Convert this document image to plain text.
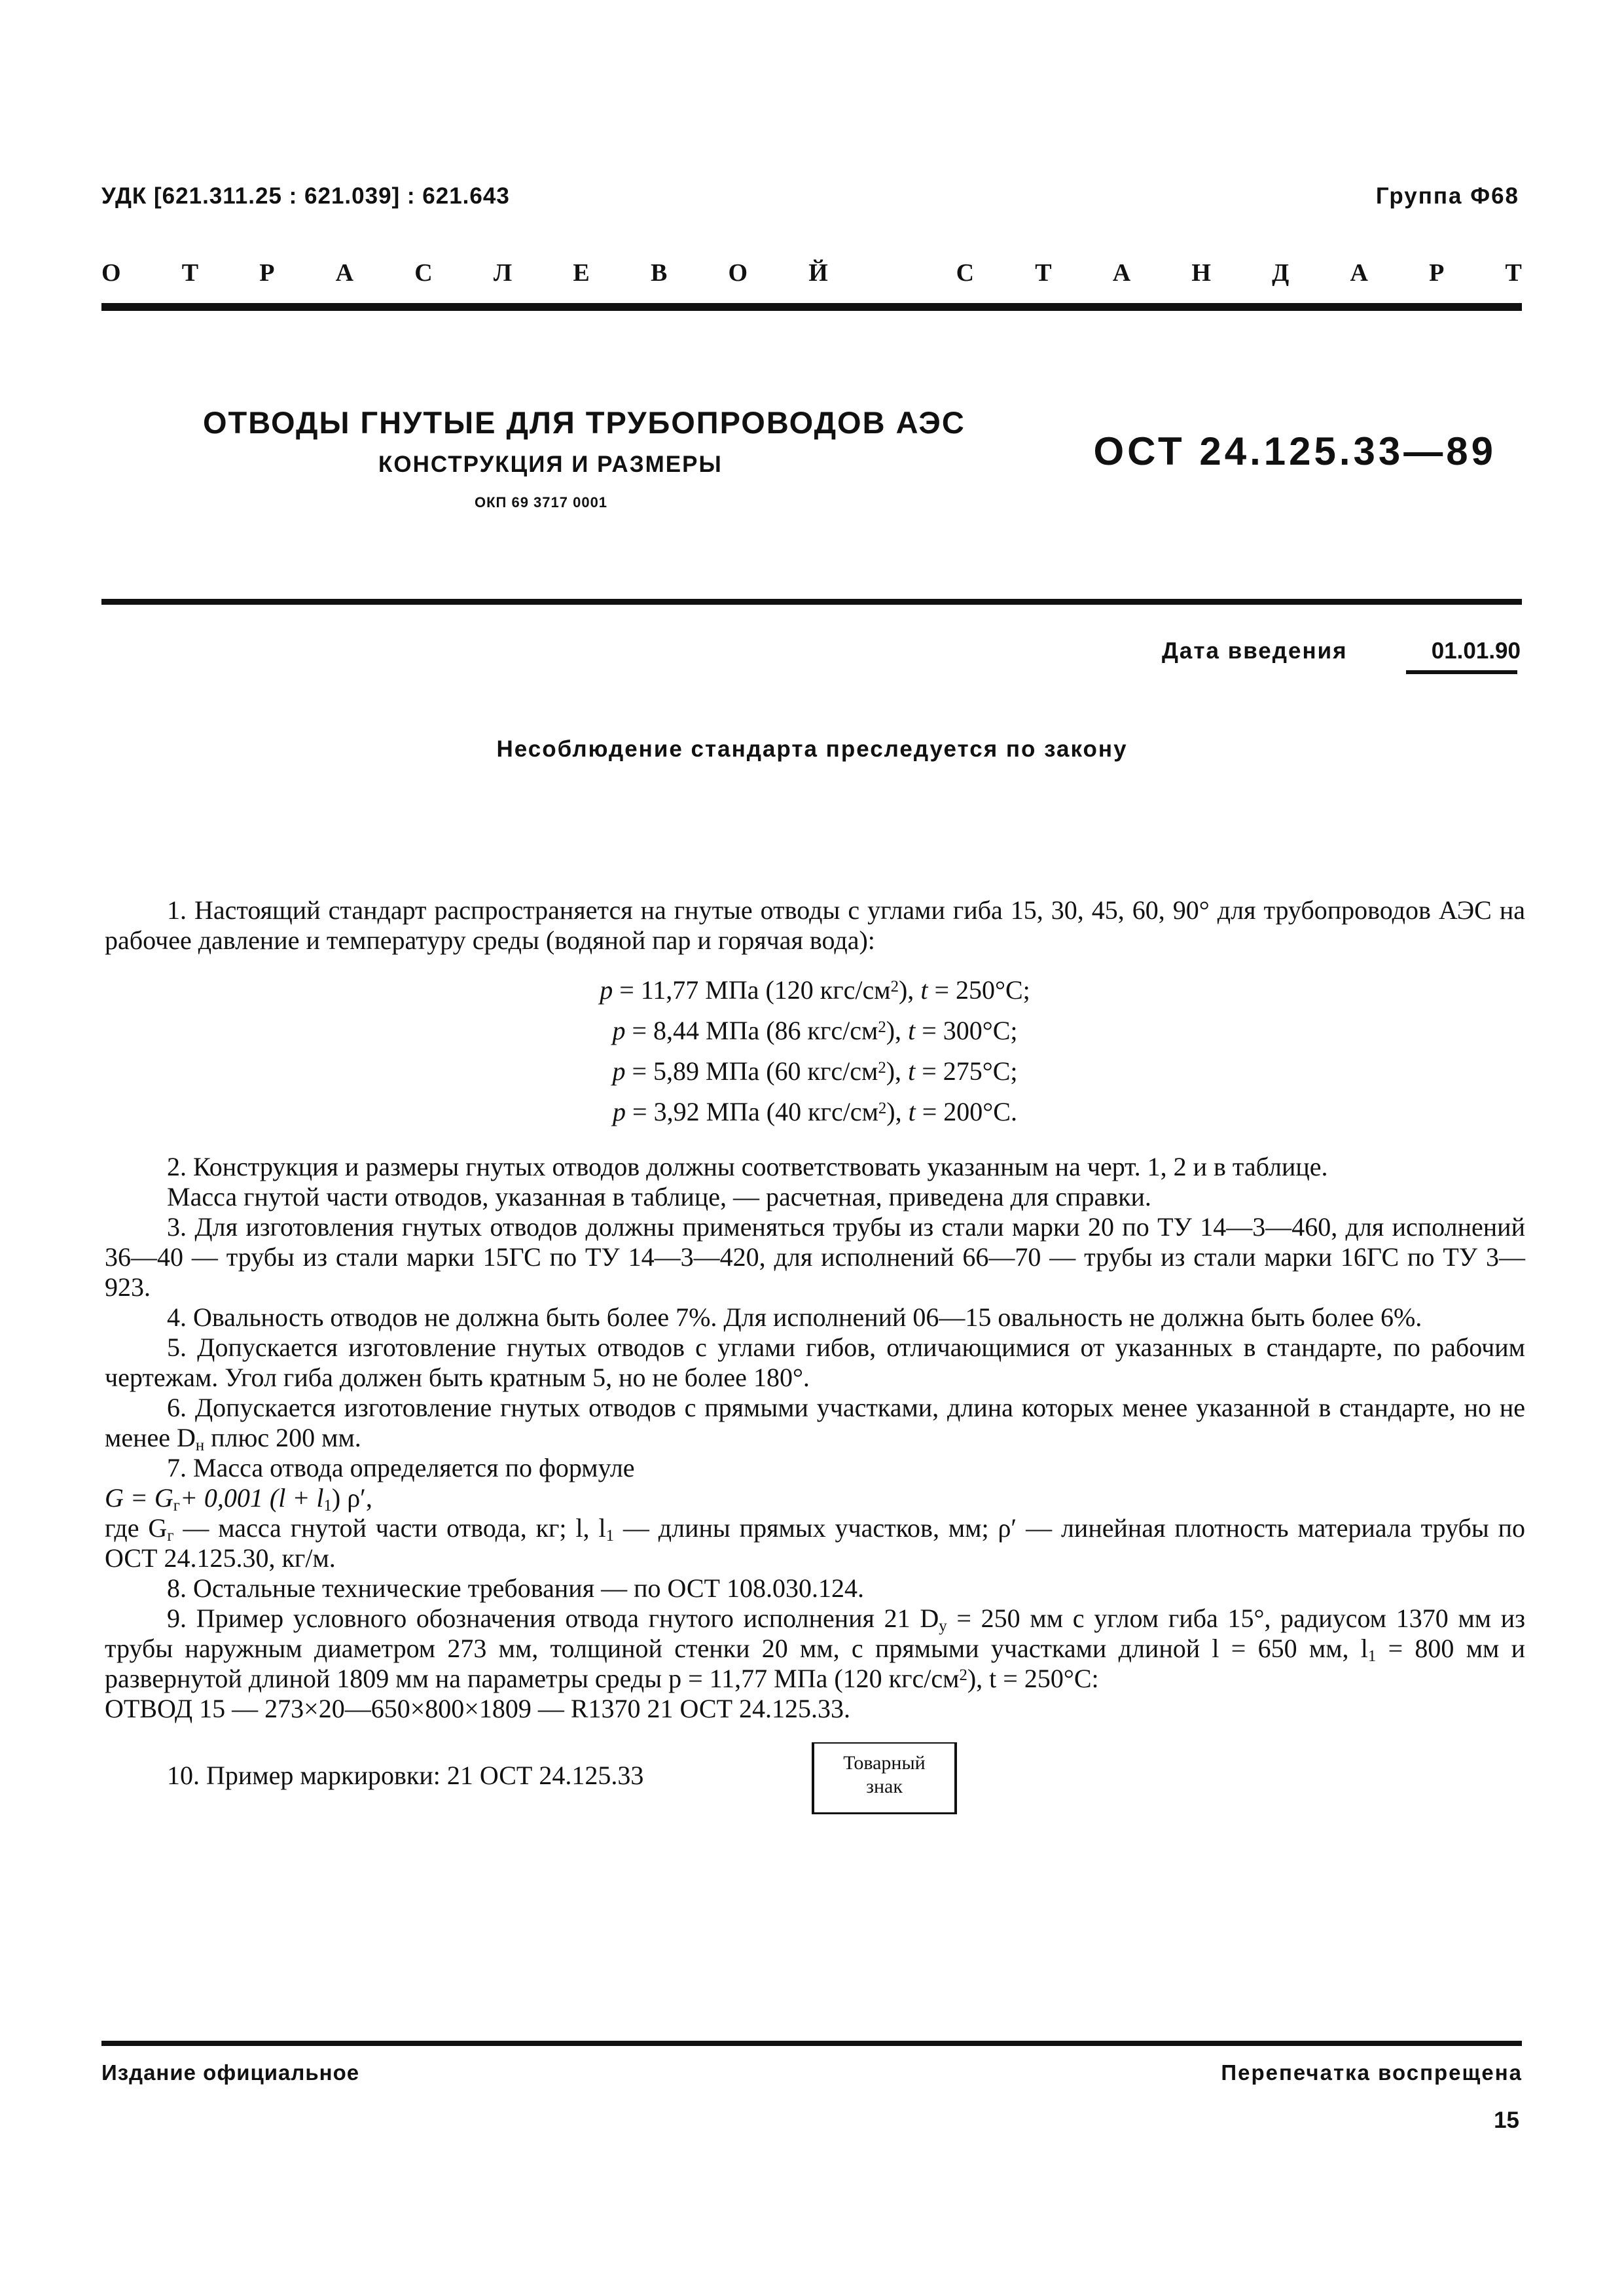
УДК [621.311.25 : 621.039] : 621.643	Группа Ф68
О Т Р А С Л Е В О Й
	С Т А Н Д А Р Т
ОТВОДЫ ГНУТЫЕ ДЛЯ ТРУБОПРОВОДОВ АЭС
КОНСТРУКЦИЯ И РАЗМЕРЫ
ОКП 69 3717 0001
ОСТ 24.125.33—89
Дата введения	01.01.90
Несоблюдение стандарта преследуется по закону

1. Настоящий стандарт распространяется на гнутые отводы с углами гиба 15, 30, 45, 60, 90° для трубопроводов АЭС на рабочее давление и температуру среды (водяной пар и горячая вода):

p = 11,77 МПа (120 кгс/$см^2$), t = 250°C;
p = 8,44 МПа (86 кгс/$см^2$), t = 300°C;
p = 5,89 МПа (60 кгс/$см^2$), t = 275°C;
p = 3,92 МПа (40 кгс/$см^2$), t = 200°C.

2. Конструкция и размеры гнутых отводов должны соответствовать указанным на черт. 1, 2 и в таблице.

Масса гнутой части отводов, указанная в таблице, — расчетная, приведена для справки.

3. Для изготовления гнутых отводов должны применяться трубы из стали марки 20 по ТУ 14—3—460, для исполнений 36—40 — трубы из стали марки 15ГС по ТУ 14—3—420, для исполнений 66—70 — трубы из стали марки 16ГС по ТУ 3—923.

4. Овальность отводов не должна быть более 7%. Для исполнений 06—15 овальность не должна быть более 6%.

5. Допускается изготовление гнутых отводов с углами гибов, отличающимися от указанных в стандарте, по рабочим чертежам. Угол гиба должен быть кратным 5, но не более 180°.

6. Допускается изготовление гнутых отводов с прямыми участками, длина которых менее указанной в стандарте, но не менее $D_н$ плюс 200 мм.

7. Масса отвода определяется по формуле

$G = G_г+ 0,001$ $(l + l_1)$ ρ′,

где $G_г$ — масса гнутой части отвода, кг; l, $l_1$ — длины прямых участков, мм; ρ′ — линейная плотность материала трубы по ОСТ 24.125.30, кг/м.

8. Остальные технические требования — по ОСТ 108.030.124.

9. Пример условного обозначения отвода гнутого исполнения 21 $D_у = 250$ мм с углом гиба 15°, радиусом 1370 мм из трубы наружным диаметром 273 мм, толщиной стенки 20 мм, с прямыми участками длиной l = 650 мм, $l_1 = 800$ мм и развернутой длиной 1809 мм на параметры среды p = 11,77 МПа (120 кгс/$см^2$), t = 250°C:

ОТВОД 15 — 273×20—650×800×1809 — R1370 21 ОСТ 24.125.33.

10. Пример маркировки: 21 ОСТ 24.125.33	Товарный
знак
Издание официальное	Перепечатка воспрещена
15
